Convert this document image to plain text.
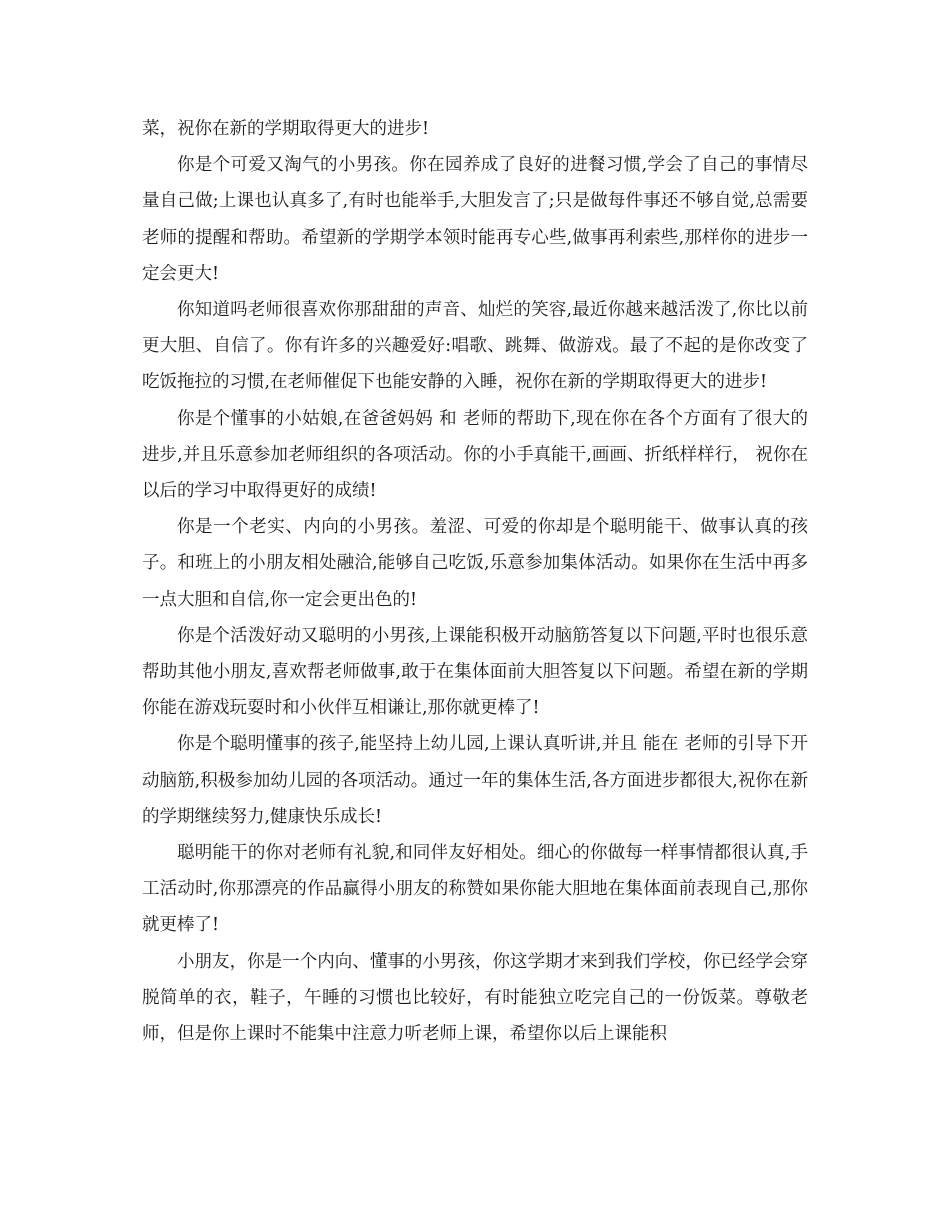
菜，祝你在新的学期取得更大的进步!

你是个可爱又淘气的小男孩。你在园养成了良好的进餐习惯,学会了自己的事情尽量自己做;上课也认真多了,有时也能举手,大胆发言了;只是做每件事还不够自觉,总需要老师的提醒和帮助。希望新的学期学本领时能再专心些,做事再利索些,那样你的进步一定会更大!

你知道吗老师很喜欢你那甜甜的声音、灿烂的笑容,最近你越来越活泼了,你比以前更大胆、自信了。你有许多的兴趣爱好:唱歌、跳舞、做游戏。最了不起的是你改变了吃饭拖拉的习惯,在老师催促下也能安静的入睡，祝你在新的学期取得更大的进步!

你是个懂事的小姑娘,在爸爸妈妈 和 老师的帮助下,现在你在各个方面有了很大的进步,并且乐意参加老师组织的各项活动。你的小手真能干,画画、折纸样样行， 祝你在以后的学习中取得更好的成绩!

你是一个老实、内向的小男孩。羞涩、可爱的你却是个聪明能干、做事认真的孩子。和班上的小朋友相处融洽,能够自己吃饭,乐意参加集体活动。如果你在生活中再多一点大胆和自信,你一定会更出色的!

你是个活泼好动又聪明的小男孩,上课能积极开动脑筋答复以下问题,平时也很乐意帮助其他小朋友,喜欢帮老师做事,敢于在集体面前大胆答复以下问题。希望在新的学期你能在游戏玩耍时和小伙伴互相谦让,那你就更棒了!

你是个聪明懂事的孩子,能坚持上幼儿园,上课认真听讲,并且 能在 老师的引导下开动脑筋,积极参加幼儿园的各项活动。通过一年的集体生活,各方面进步都很大,祝你在新的学期继续努力,健康快乐成长!

聪明能干的你对老师有礼貌,和同伴友好相处。细心的你做每一样事情都很认真,手工活动时,你那漂亮的作品赢得小朋友的称赞如果你能大胆地在集体面前表现自己,那你就更棒了!

小朋友，你是一个内向、懂事的小男孩，你这学期才来到我们学校，你已经学会穿脱简单的衣，鞋子，午睡的习惯也比较好，有时能独立吃完自己的一份饭菜。尊敬老师，但是你上课时不能集中注意力听老师上课，希望你以后上课能积
